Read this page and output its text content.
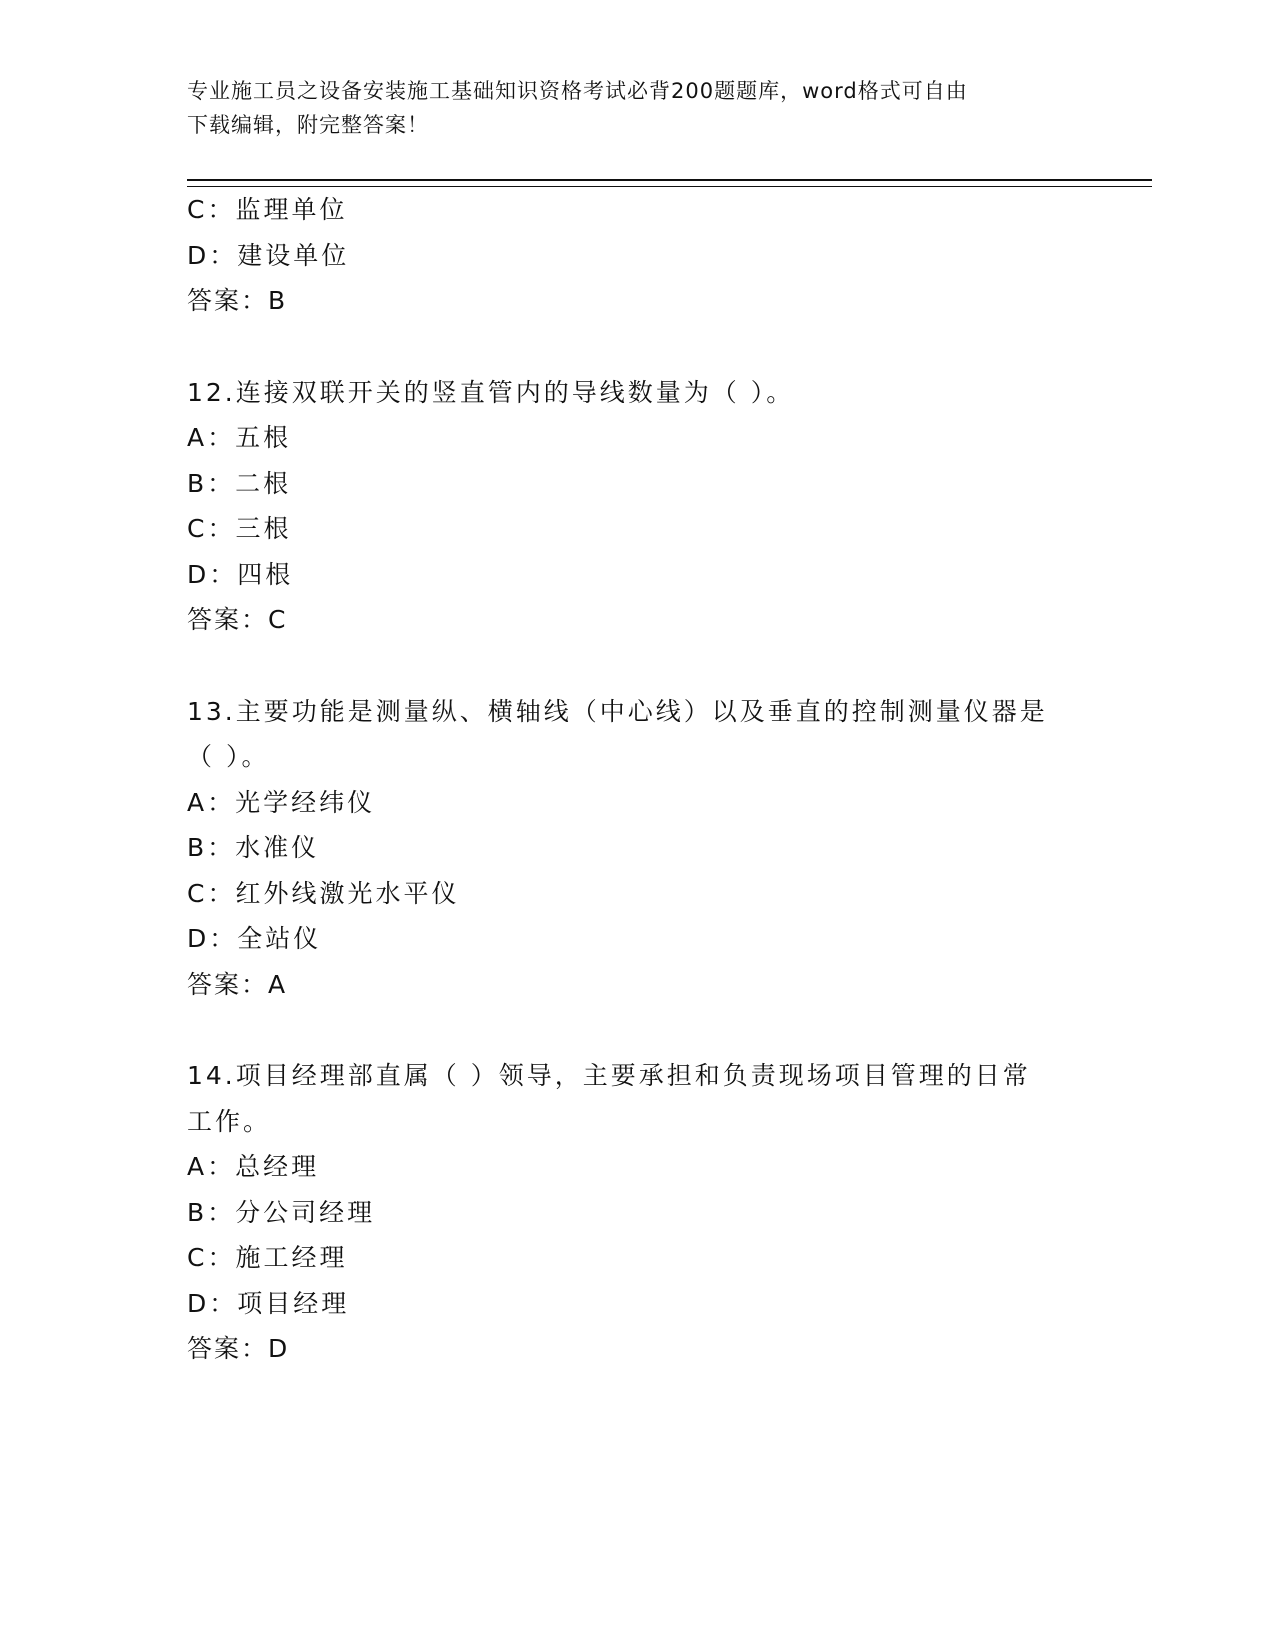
专业施工员之设备安装施工基础知识资格考试必背200题题库，word格式可自由
下载编辑，附完整答案！
C：监理单位
D：建设单位
答案：B
12.连接双联开关的竖直管内的导线数量为（ ）。
A：五根
B：二根
C：三根
D：四根
答案：C
13.主要功能是测量纵、横轴线（中心线）以及垂直的控制测量仪器是
（ ）。
A：光学经纬仪
B：水准仪
C：红外线激光水平仪
D：全站仪
答案：A
14.项目经理部直属（ ）领导，主要承担和负责现场项目管理的日常
工作。
A：总经理
B：分公司经理
C：施工经理
D：项目经理
答案：D
